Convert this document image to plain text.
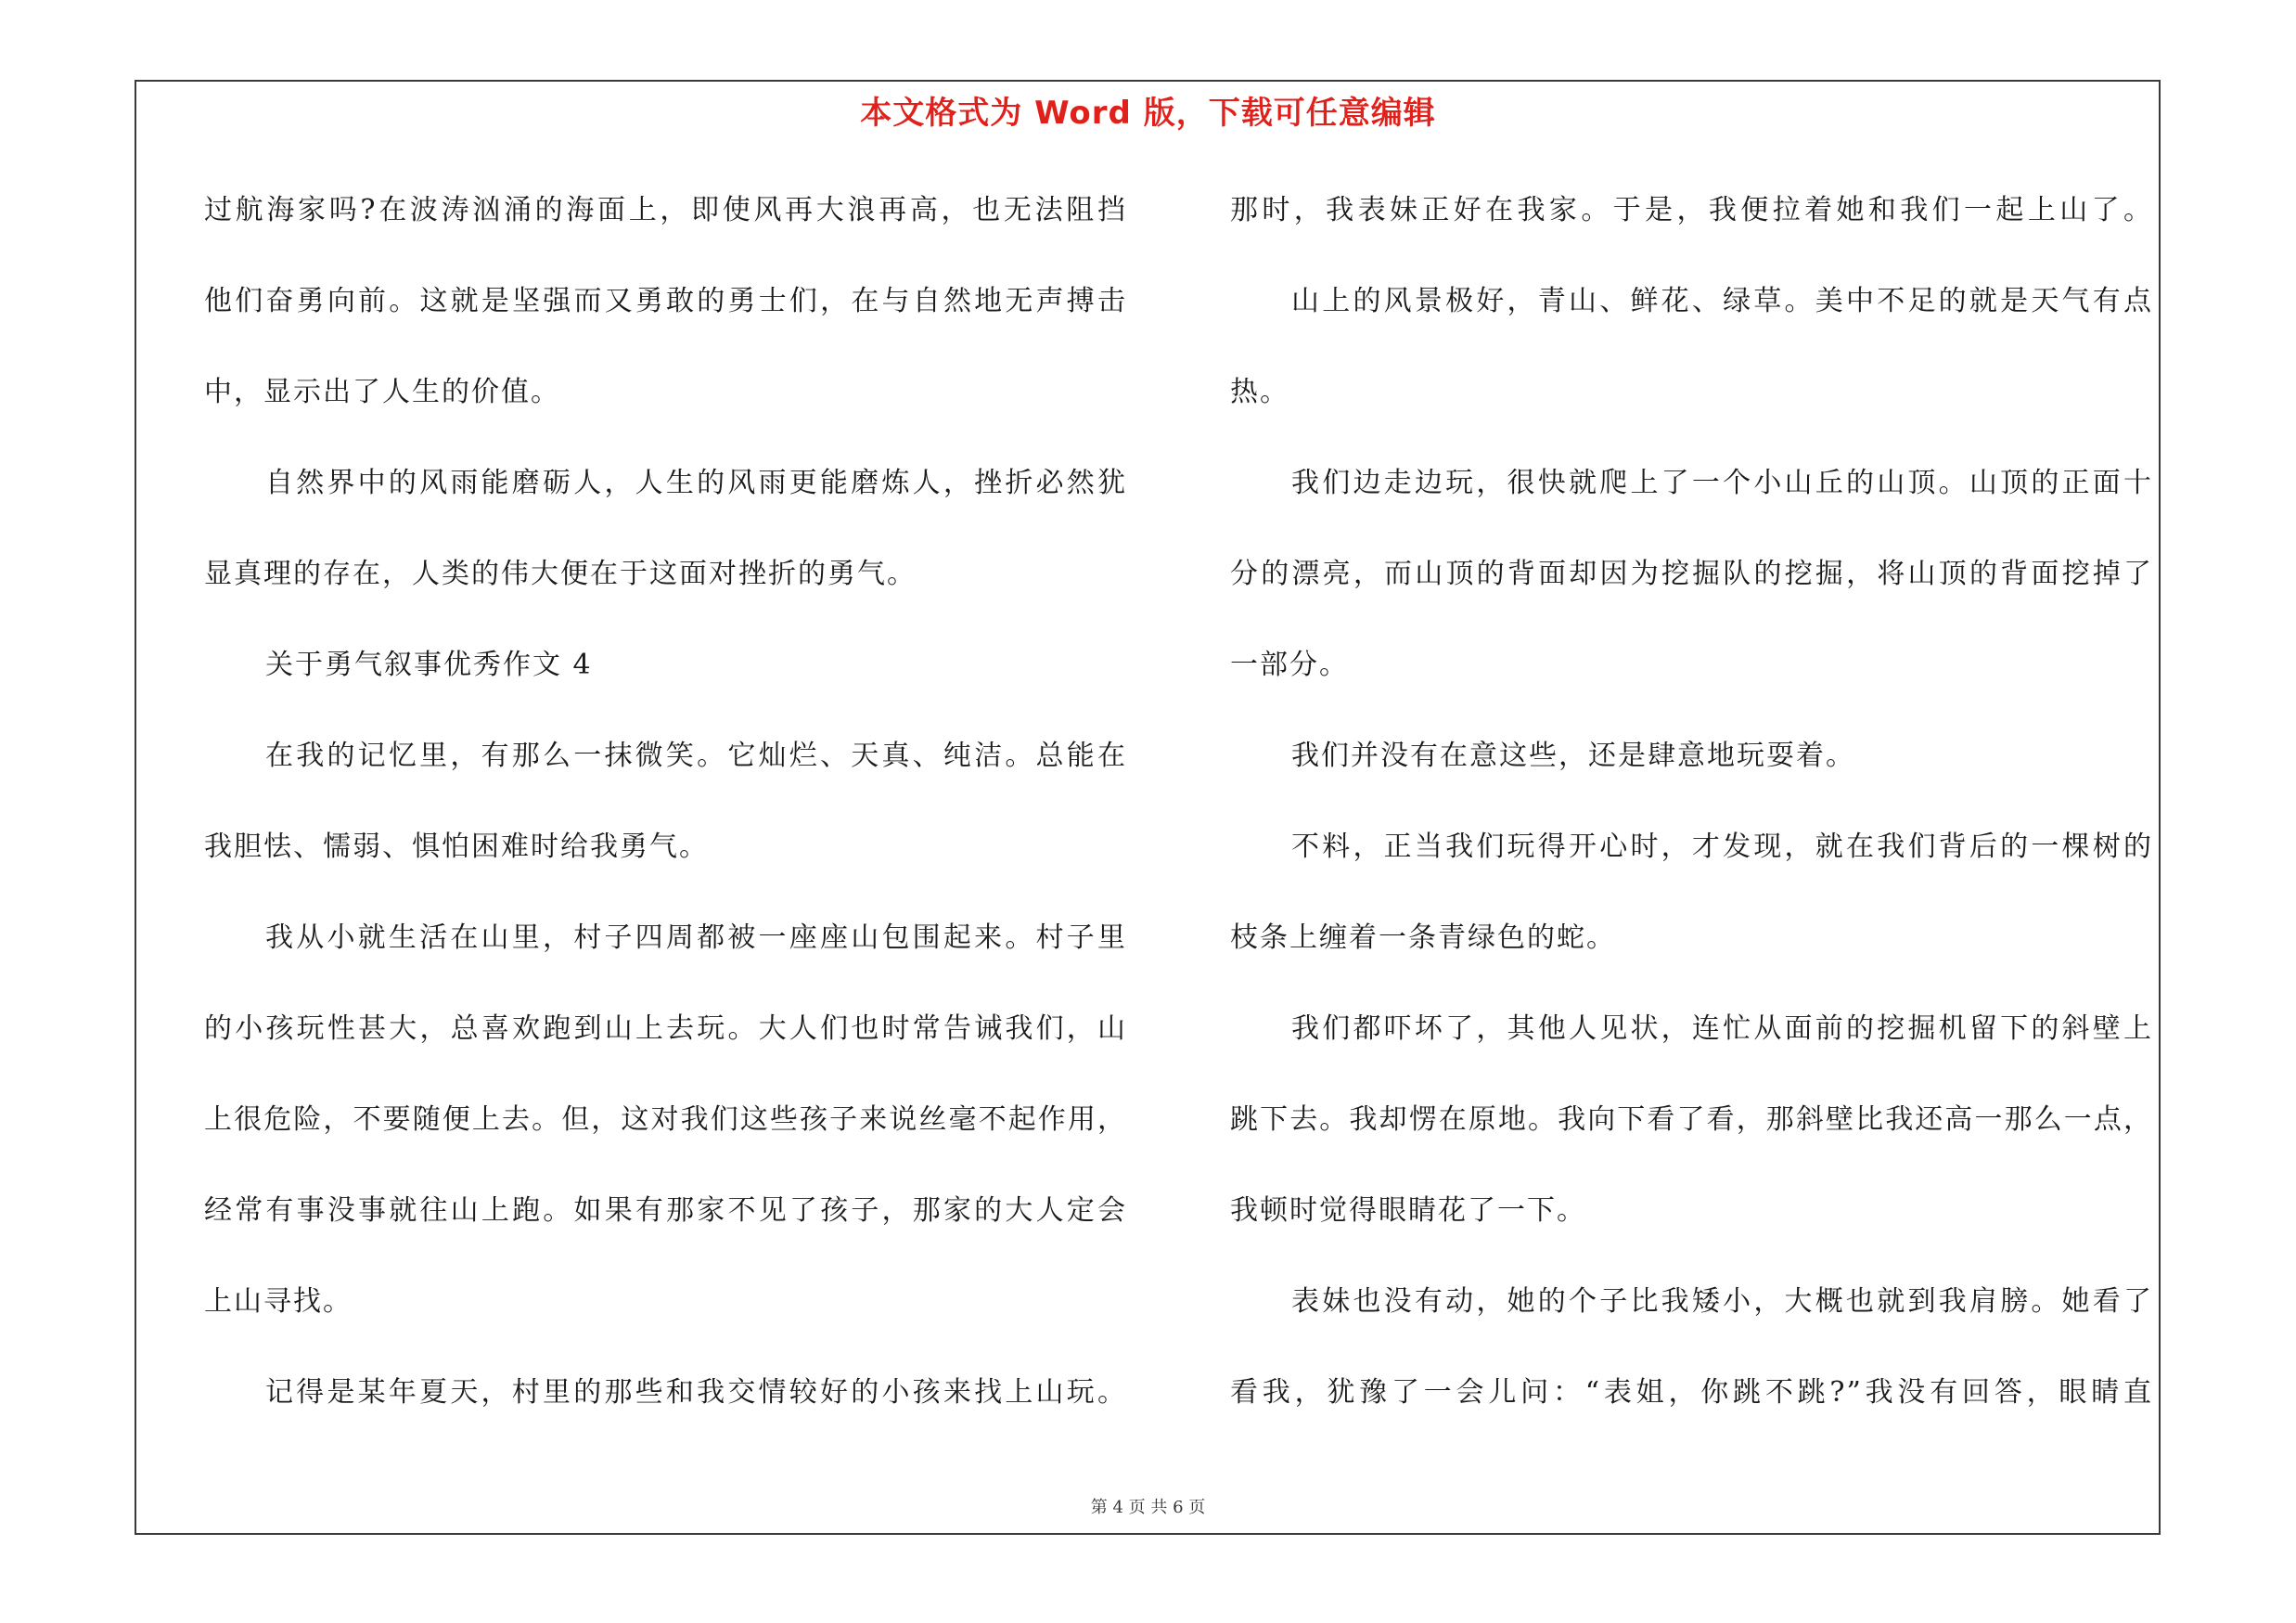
本文格式为 Word 版，下载可任意编辑
过航海家吗?在波涛汹涌的海面上，即使风再大浪再高，也无法阻挡
他们奋勇向前。这就是坚强而又勇敢的勇士们，在与自然地无声搏击
中，显示出了人生的价值。
自然界中的风雨能磨砺人，人生的风雨更能磨炼人，挫折必然犹
显真理的存在，人类的伟大便在于这面对挫折的勇气。
关于勇气叙事优秀作文 4
在我的记忆里，有那么一抹微笑。它灿烂、天真、纯洁。总能在
我胆怯、懦弱、惧怕困难时给我勇气。
我从小就生活在山里，村子四周都被一座座山包围起来。村子里
的小孩玩性甚大，总喜欢跑到山上去玩。大人们也时常告诫我们，山
上很危险，不要随便上去。但，这对我们这些孩子来说丝毫不起作用，
经常有事没事就往山上跑。如果有那家不见了孩子，那家的大人定会
上山寻找。
记得是某年夏天，村里的那些和我交情较好的小孩来找上山玩。
那时，我表妹正好在我家。于是，我便拉着她和我们一起上山了。
山上的风景极好，青山、鲜花、绿草。美中不足的就是天气有点
热。
我们边走边玩，很快就爬上了一个小山丘的山顶。山顶的正面十
分的漂亮，而山顶的背面却因为挖掘队的挖掘，将山顶的背面挖掉了
一部分。
我们并没有在意这些，还是肆意地玩耍着。
不料，正当我们玩得开心时，才发现，就在我们背后的一棵树的
枝条上缠着一条青绿色的蛇。
我们都吓坏了，其他人见状，连忙从面前的挖掘机留下的斜壁上
跳下去。我却愣在原地。我向下看了看，那斜壁比我还高一那么一点，
我顿时觉得眼睛花了一下。
表妹也没有动，她的个子比我矮小，大概也就到我肩膀。她看了
看我，犹豫了一会儿问：“表姐，你跳不跳?”我没有回答，眼睛直
第 4 页 共 6 页
